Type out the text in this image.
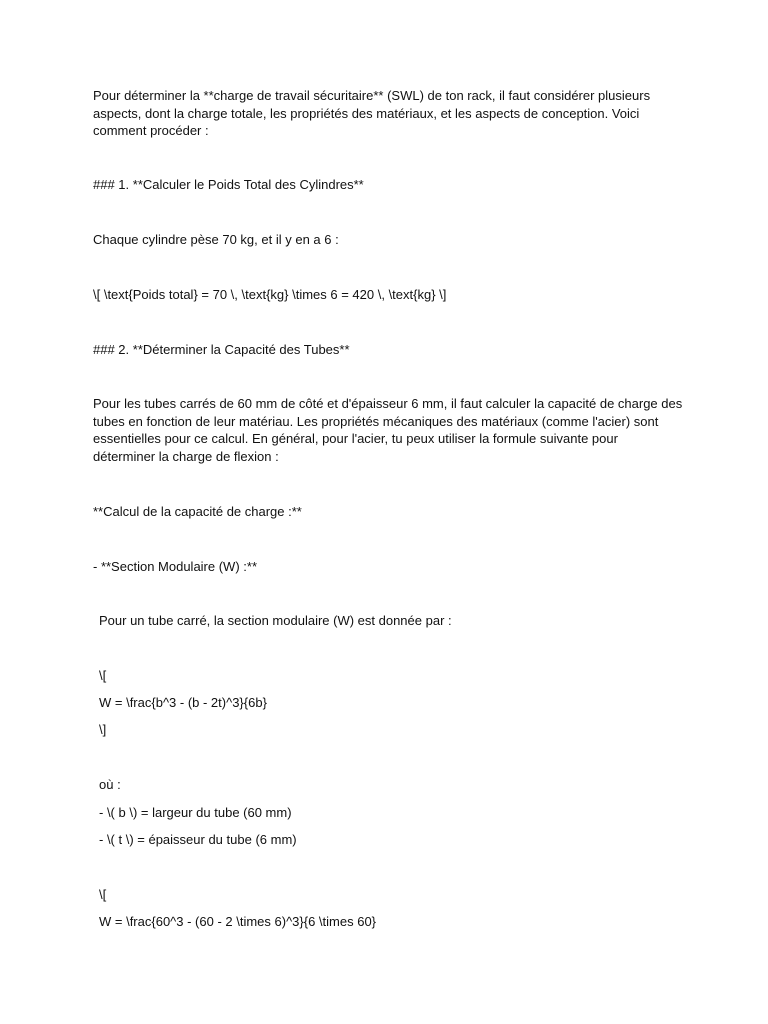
Pour déterminer la **charge de travail sécuritaire** (SWL) de ton rack, il faut considérer plusieurs
aspects, dont la charge totale, les propriétés des matériaux, et les aspects de conception. Voici
comment procéder :

### 1. **Calculer le Poids Total des Cylindres**

Chaque cylindre pèse 70 kg, et il y en a 6 :

\[ \text{Poids total} = 70 \, \text{kg} \times 6 = 420 \, \text{kg} \]

### 2. **Déterminer la Capacité des Tubes**

Pour les tubes carrés de 60 mm de côté et d'épaisseur 6 mm, il faut calculer la capacité de charge des
tubes en fonction de leur matériau. Les propriétés mécaniques des matériaux (comme l'acier) sont
essentielles pour ce calcul. En général, pour l'acier, tu peux utiliser la formule suivante pour
déterminer la charge de flexion :

**Calcul de la capacité de charge :**

- **Section Modulaire (W) :**

Pour un tube carré, la section modulaire (W) est donnée par :

\[

W = \frac{b^3 - (b - 2t)^3}{6b}

\]

où :

- \( b \) = largeur du tube (60 mm)

- \( t \) = épaisseur du tube (6 mm)

\[

W = \frac{60^3 - (60 - 2 \times 6)^3}{6 \times 60}
